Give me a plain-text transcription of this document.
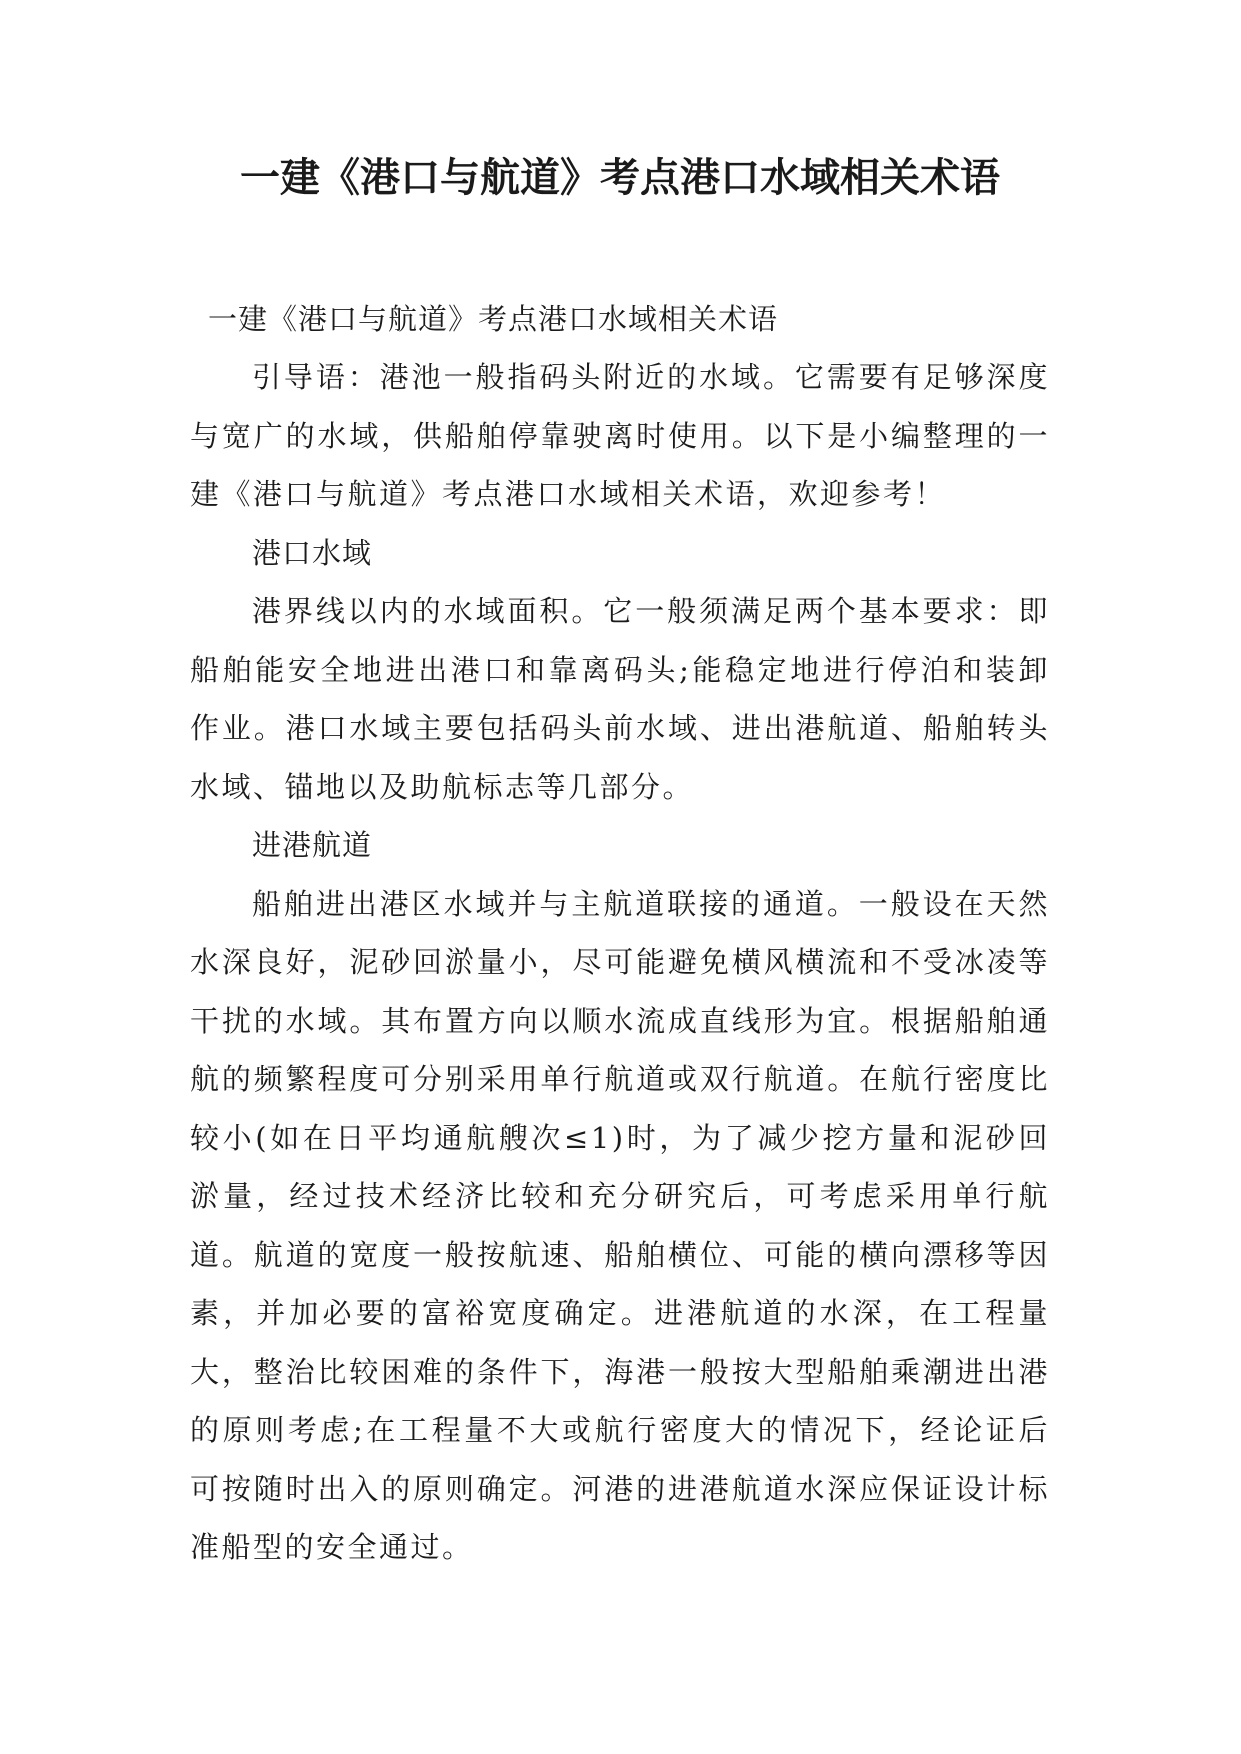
一建《港口与航道》考点港口水域相关术语

一建《港口与航道》考点港口水域相关术语

引导语：港池一般指码头附近的水域。它需要有足够深度与宽广的水域，供船舶停靠驶离时使用。以下是小编整理的一建《港口与航道》考点港口水域相关术语，欢迎参考！

港口水域

港界线以内的水域面积。它一般须满足两个基本要求：即船舶能安全地进出港口和靠离码头;能稳定地进行停泊和装卸作业。港口水域主要包括码头前水域、进出港航道、船舶转头水域、锚地以及助航标志等几部分。

进港航道

船舶进出港区水域并与主航道联接的通道。一般设在天然水深良好，泥砂回淤量小，尽可能避免横风横流和不受冰凌等干扰的水域。其布置方向以顺水流成直线形为宜。根据船舶通航的频繁程度可分别采用单行航道或双行航道。在航行密度比较小(如在日平均通航艘次≤1)时，为了减少挖方量和泥砂回淤量，经过技术经济比较和充分研究后，可考虑采用单行航道。航道的宽度一般按航速、船舶横位、可能的横向漂移等因素，并加必要的富裕宽度确定。进港航道的水深，在工程量大，整治比较困难的条件下，海港一般按大型船舶乘潮进出港的原则考虑;在工程量不大或航行密度大的情况下，经论证后可按随时出入的原则确定。河港的进港航道水深应保证设计标准船型的安全通过。
